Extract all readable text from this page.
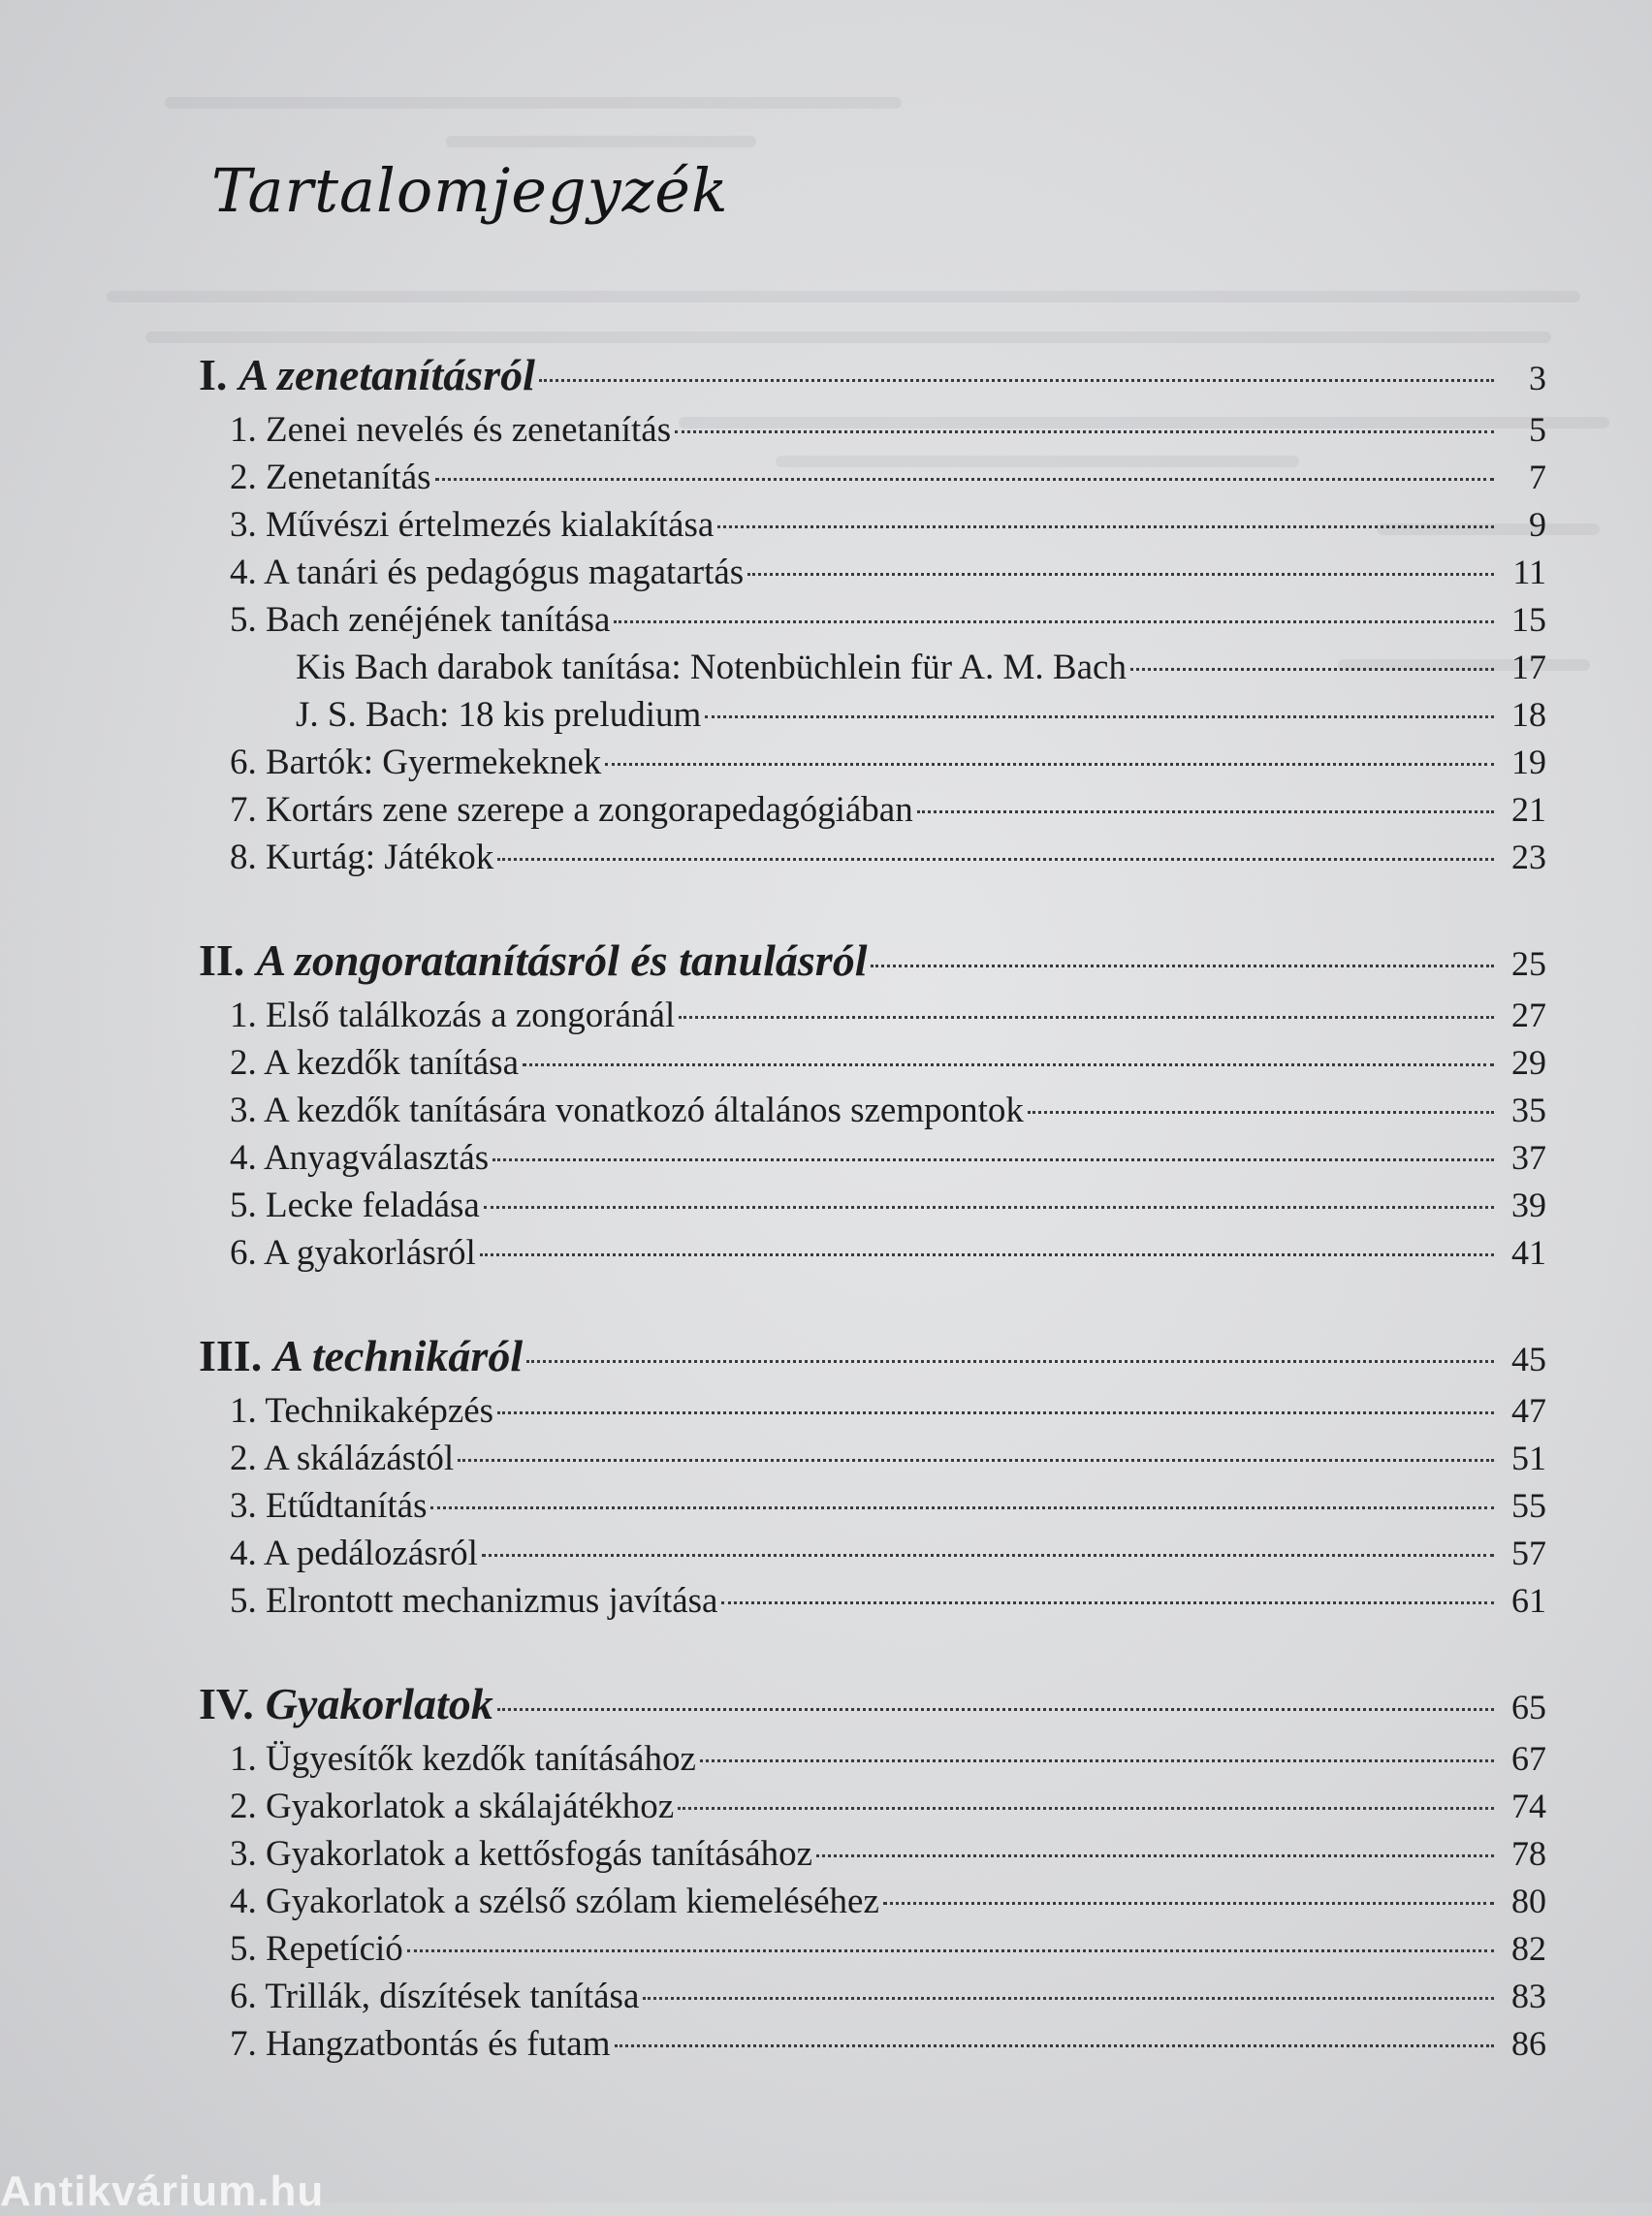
Tartalomjegyzék
I. A zenetanításról	3
1. Zenei nevelés és zenetanítás	5
2. Zenetanítás	7
3. Művészi értelmezés kialakítása	9
4. A tanári és pedagógus magatartás	11
5. Bach zenéjének tanítása	15
Kis Bach darabok tanítása: Notenbüchlein für A. M. Bach	17
J. S. Bach: 18 kis preludium	18
6. Bartók: Gyermekeknek	19
7. Kortárs zene szerepe a zongorapedagógiában	21
8. Kurtág: Játékok	23
II. A zongoratanításról és tanulásról	25
1. Első találkozás a zongoránál	27
2. A kezdők tanítása	29
3. A kezdők tanítására vonatkozó általános szempontok	35
4. Anyagválasztás	37
5. Lecke feladása	39
6. A gyakorlásról	41
III. A technikáról	45
1. Technikaképzés	47
2. A skálázástól	51
3. Etűdtanítás	55
4. A pedálozásról	57
5. Elrontott mechanizmus javítása	61
IV. Gyakorlatok	65
1. Ügyesítők kezdők tanításához	67
2. Gyakorlatok a skálajátékhoz	74
3. Gyakorlatok a kettősfogás tanításához	78
4. Gyakorlatok a szélső szólam kiemeléséhez	80
5. Repetíció	82
6. Trillák, díszítések tanítása	83
7. Hangzatbontás és futam	86
Antikvárium.hu
